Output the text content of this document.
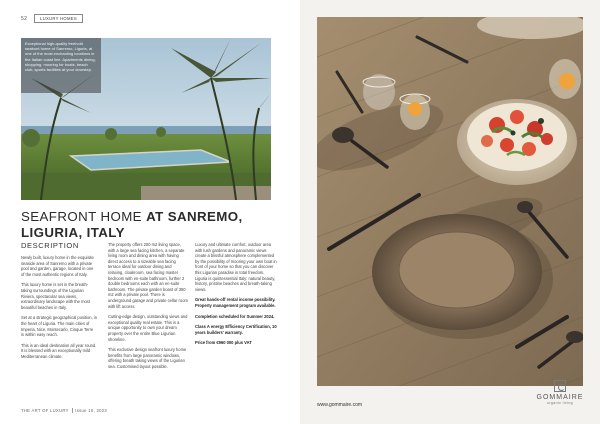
52	LUXURY HOMES
Exceptional high-quality freehold seafront home of Sanremo, Liguria, at one of the most enchanting locations in the Italian coast line. Apartments dining, shopping, mooring for boats, beach club, sports facilities at your doorstep.
SEAFRONT HOME AT SANREMO,
LIGURIA, ITALY
DESCRIPTION

Newly built, luxury home in the exquisite seaside area of Sanremo with a private pool and garden, garage, located in one of the most authentic regions of Italy.

This luxury home is set in the breath-taking surroundings of the Ligurian Riviera, spectacular sea views, extraordinary landscape with the most beautiful beaches in Italy.

Set at a strategic geographical position, in the heart of Liguria. The main cities of Imperia, Nice, Montecarlo, Cinque Terre is within easy reach.

This is an ideal destination all year round. It is blessed with an exceptionally mild Mediterranean climate.

The property offers 200 m2 living space, with a large sea facing kitchen, a separate living room and dining area with having direct access to a sizeable sea facing terrace ideal for outdoor dining and relaxing, cloakroom, sea facing master bedroom with en-suite bathroom, further 2 double bedrooms each with an en-suite bathroom. The private garden boast of 350 m2 with a private pool. There is underground garage and private cellar room with lift access.

Cutting-edge design, outstanding views and exceptional quality real estate. This is a unique opportunity to own your dream property over the entire Blue Ligurian shoreline.

This exclusive design seafront luxury home benefits from large panoramic windows, offering breath taking views of the Ligurian sea. Customised layout possible.

Luxury and ultimate comfort, outdoor area with lush gardens and panoramic views create a blissful atmosphere complemented by the possibility of mooring your own boat in front of your home so that you can discover this Ligurian paradise in total freedom. Liguria is quintessential Italy: natural beauty, history, pristine beaches and breath-taking views.

Great hands-off rental income possibility. Property management program available.

Completion scheduled for Summer 2024.

Class A energy Efficiency Certification, 10 years builders' warranty.

Price from €960 000 plus VAT

THE ART OF LUXURY Issue 10, 2023
www.gommaire.com
GOMMAIRE
organic living
